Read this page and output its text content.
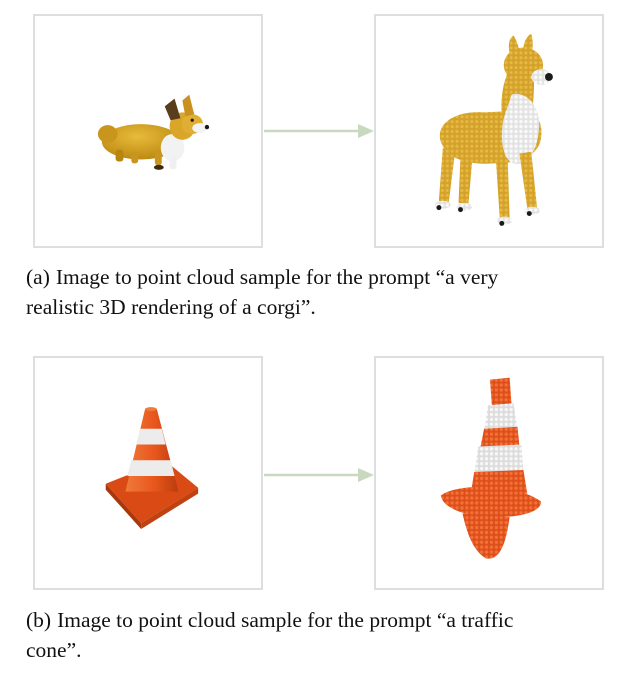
(a) Image to point cloud sample for the prompt “a very
realistic 3D rendering of a corgi”.
(b) Image to point cloud sample for the prompt “a traffic
cone”.
